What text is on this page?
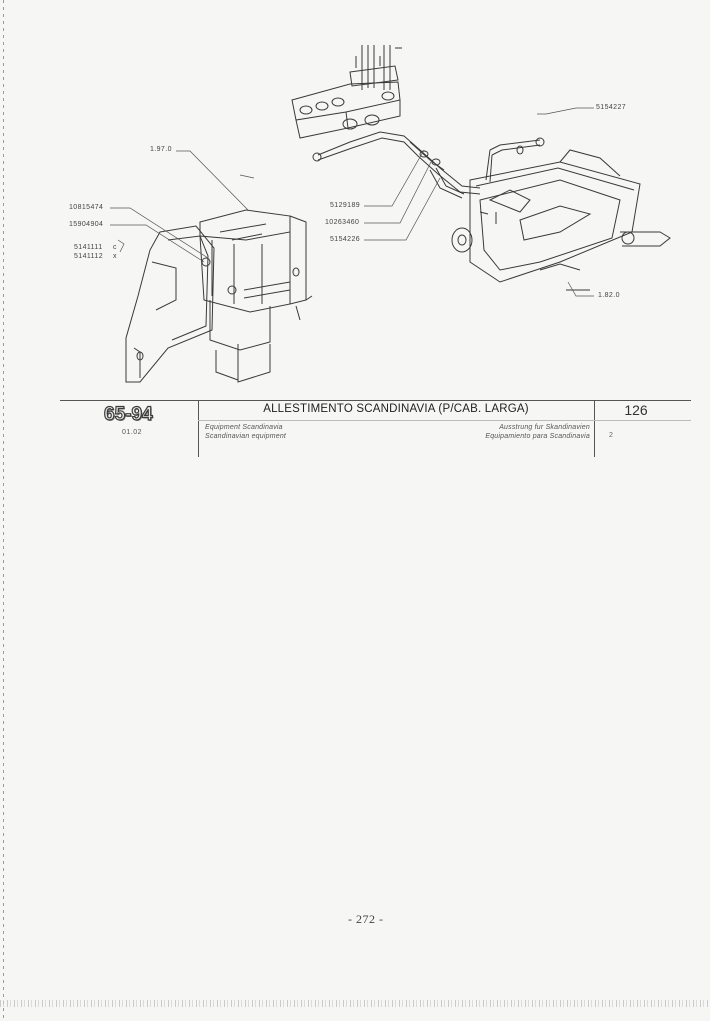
5154227
1.97.0
10815474
15904904
5141111 c
5141112 x
5129189
10263460
5154226
1.82.0
65-94
01.02
ALLESTIMENTO SCANDINAVIA (P/CAB. LARGA)	126
Equipment Scandinavia
Scandinavian equipment
Ausstrung fur Skandinavien
Equipamiento para Scandinavia	2
- 272 -
